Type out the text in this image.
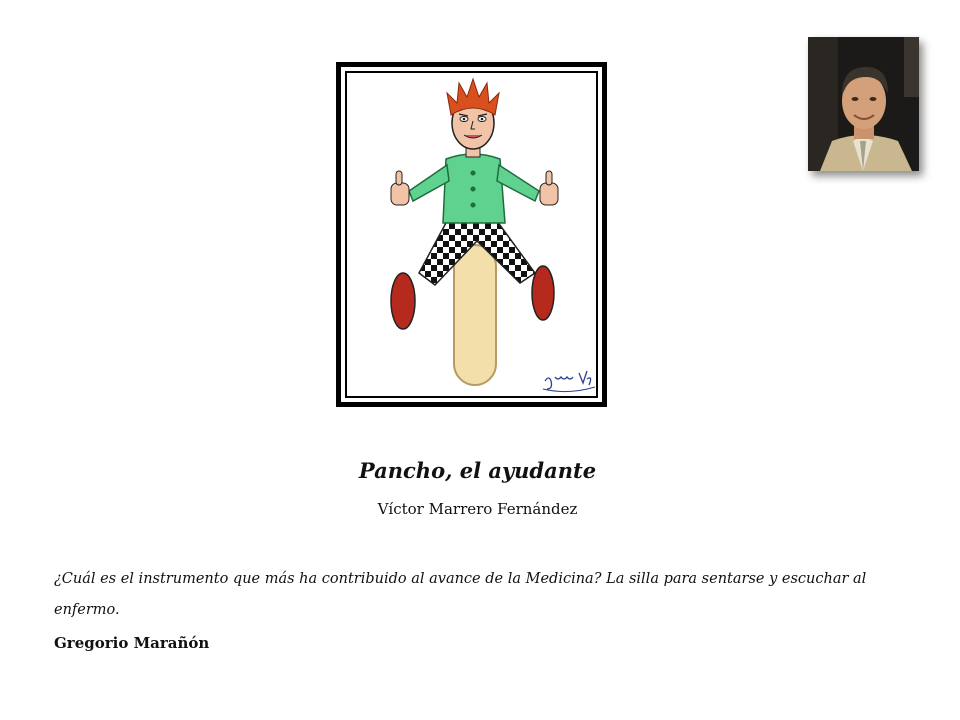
Pancho, el ayudante
Víctor Marrero Fernández
¿Cuál es el instrumento que más ha contribuido al avance de la Medicina? La silla para sentarse y escuchar al enfermo.
Gregorio Marañón
